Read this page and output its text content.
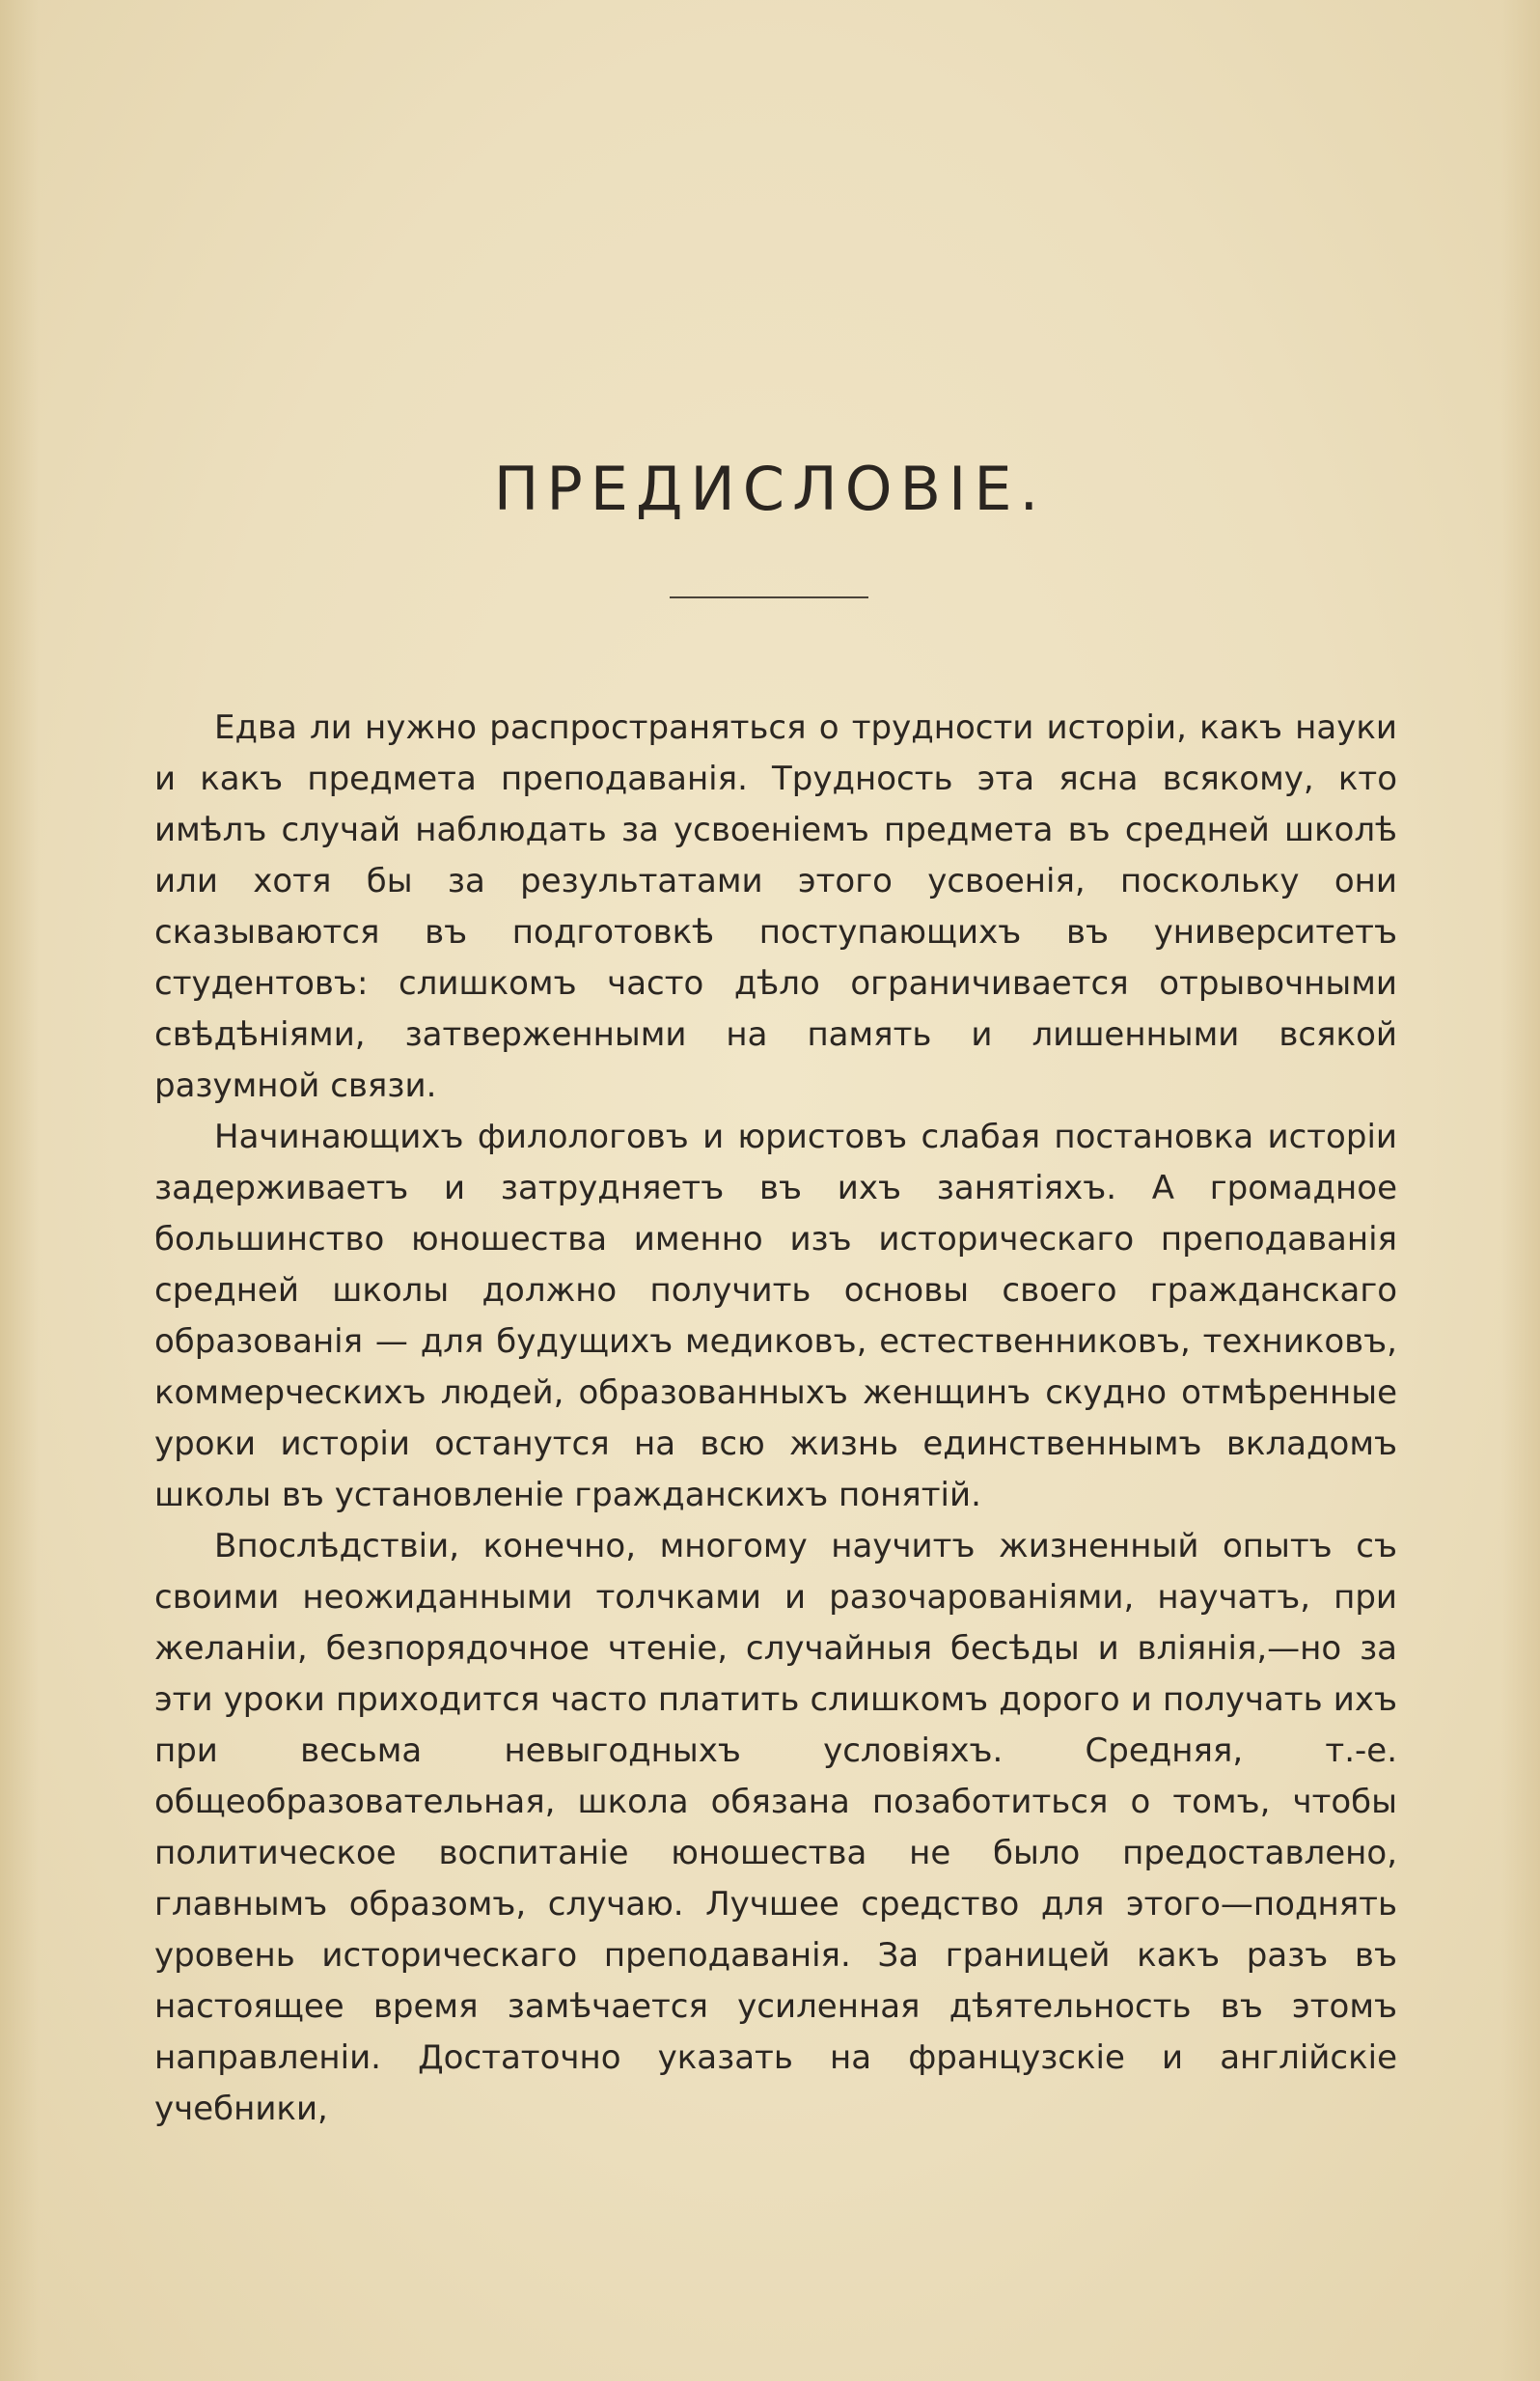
ПРЕДИСЛОВІЕ.

Едва ли нужно распространяться о трудности исторіи, какъ науки и какъ предмета преподаванія. Трудность эта ясна всякому, кто имѣлъ случай наблюдать за усвоеніемъ предмета въ средней школѣ или хотя бы за результатами этого усвоенія, поскольку они сказываются въ подготовкѣ поступающихъ въ университетъ студентовъ: слишкомъ часто дѣло ограничивается отрывочными свѣдѣніями, затверженными на память и лишенными всякой разумной связи.

Начинающихъ филологовъ и юристовъ слабая постановка исторіи задерживаетъ и затрудняетъ въ ихъ занятіяхъ. А громадное большинство юношества именно изъ историческаго преподаванія средней школы должно получить основы своего гражданскаго образованія — для будущихъ медиковъ, естественниковъ, техниковъ, коммерческихъ людей, образованныхъ женщинъ скудно отмѣренные уроки исторіи останутся на всю жизнь единственнымъ вкладомъ школы въ установленіе гражданскихъ понятій.

Впослѣдствіи, конечно, многому научитъ жизненный опытъ съ своими неожиданными толчками и разочарованіями, научатъ, при желаніи, безпорядочное чтеніе, случайныя бесѣды и вліянія,—но за эти уроки приходится часто платить слишкомъ дорого и получать ихъ при весьма невыгодныхъ условіяхъ. Средняя, т.-е. общеобразовательная, школа обязана позаботиться о томъ, чтобы политическое воспитаніе юношества не было предоставлено, главнымъ образомъ, случаю. Лучшее средство для этого—поднять уровень историческаго преподаванія. За границей какъ разъ въ настоящее время замѣчается усиленная дѣятельность въ этомъ направленіи. Достаточно указать на французскіе и англійскіе учебники,
